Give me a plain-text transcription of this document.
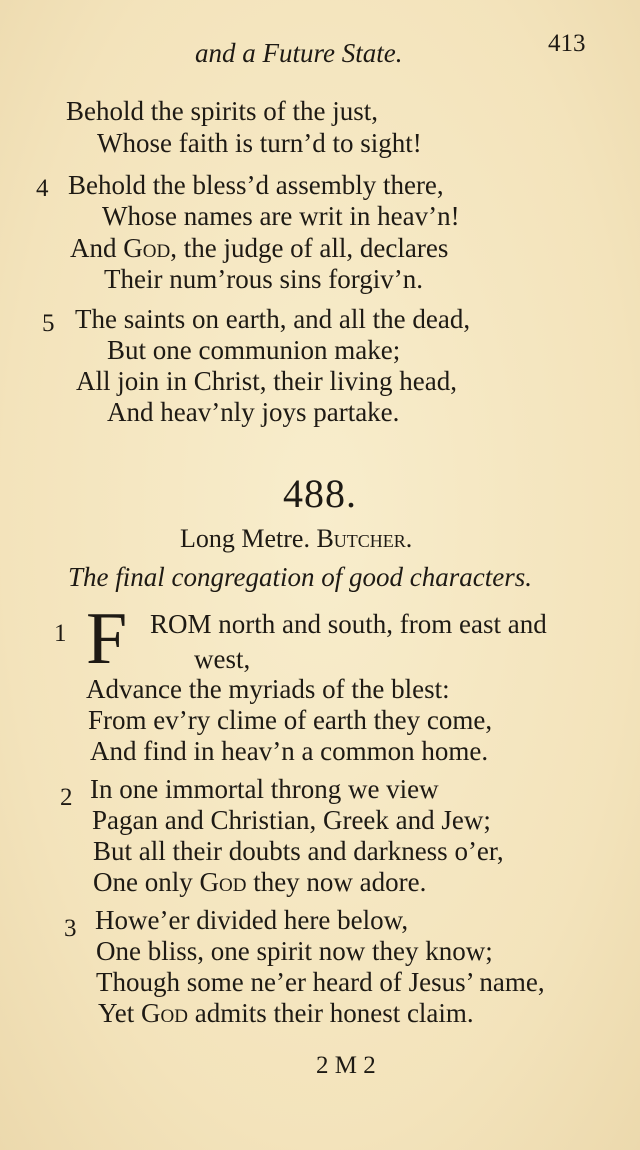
and a Future State.	413
Behold the spirits of the just,
Whose faith is turn’d to sight!
4 Behold the bless’d assembly there,
Whose names are writ in heav’n!
And God, the judge of all, declares
Their num’rous sins forgiv’n.
5 The saints on earth, and all the dead,
But one communion make;
All join in Christ, their living head,
And heav’nly joys partake.
488.
Long Metre. Butcher.
The final congregation of good characters.
1 F ROM north and south, from east and
west,
Advance the myriads of the blest:
From ev’ry clime of earth they come,
And find in heav’n a common home.
2 In one immortal throng we view
Pagan and Christian, Greek and Jew;
But all their doubts and darkness o’er,
One only God they now adore.
3 Howe’er divided here below,
One bliss, one spirit now they know;
Though some ne’er heard of Jesus’ name,
Yet God admits their honest claim.
2 M 2
